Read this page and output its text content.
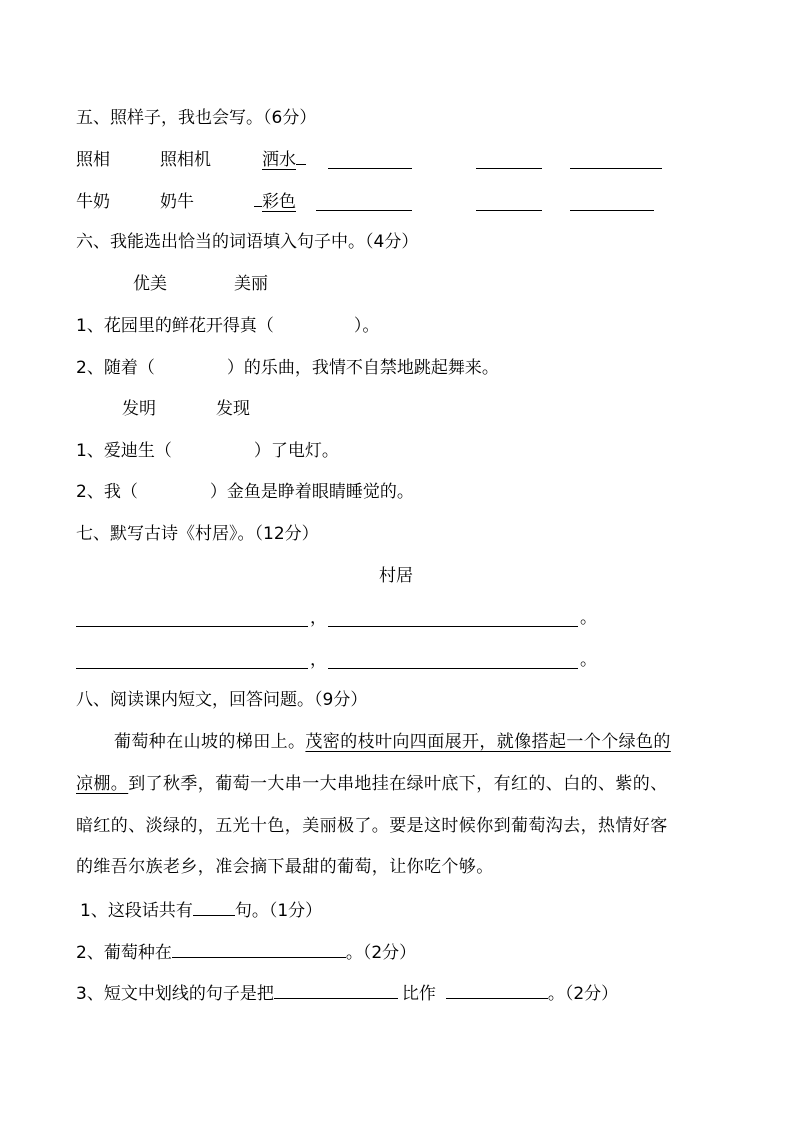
五、照样子，我也会写。（6分）
照相	照相机	洒水
牛奶	奶牛	彩色
六、我能选出恰当的词语填入句子中。（4分）
优美	美丽
1、花园里的鲜花开得真（	）。
2、随着（	）的乐曲，我情不自禁地跳起舞来。
发明	发现
1、爱迪生（	）了电灯。
2、我（	）金鱼是睁着眼睛睡觉的。
七、默写古诗《村居》。（12分）
村居
，	。
，	。
八、阅读课内短文，回答问题。（9分）
葡萄种在山坡的梯田上。茂密的枝叶向四面展开，就像搭起一个个绿色的
凉棚。到了秋季，葡萄一大串一大串地挂在绿叶底下，有红的、白的、紫的、
暗红的、淡绿的，五光十色，美丽极了。要是这时候你到葡萄沟去，热情好客
的维吾尔族老乡，准会摘下最甜的葡萄，让你吃个够。
1、这段话共有 句。（1分）
2、葡萄种在	。（2分）
3、短文中划线的句子是把	比作	。（2分）
